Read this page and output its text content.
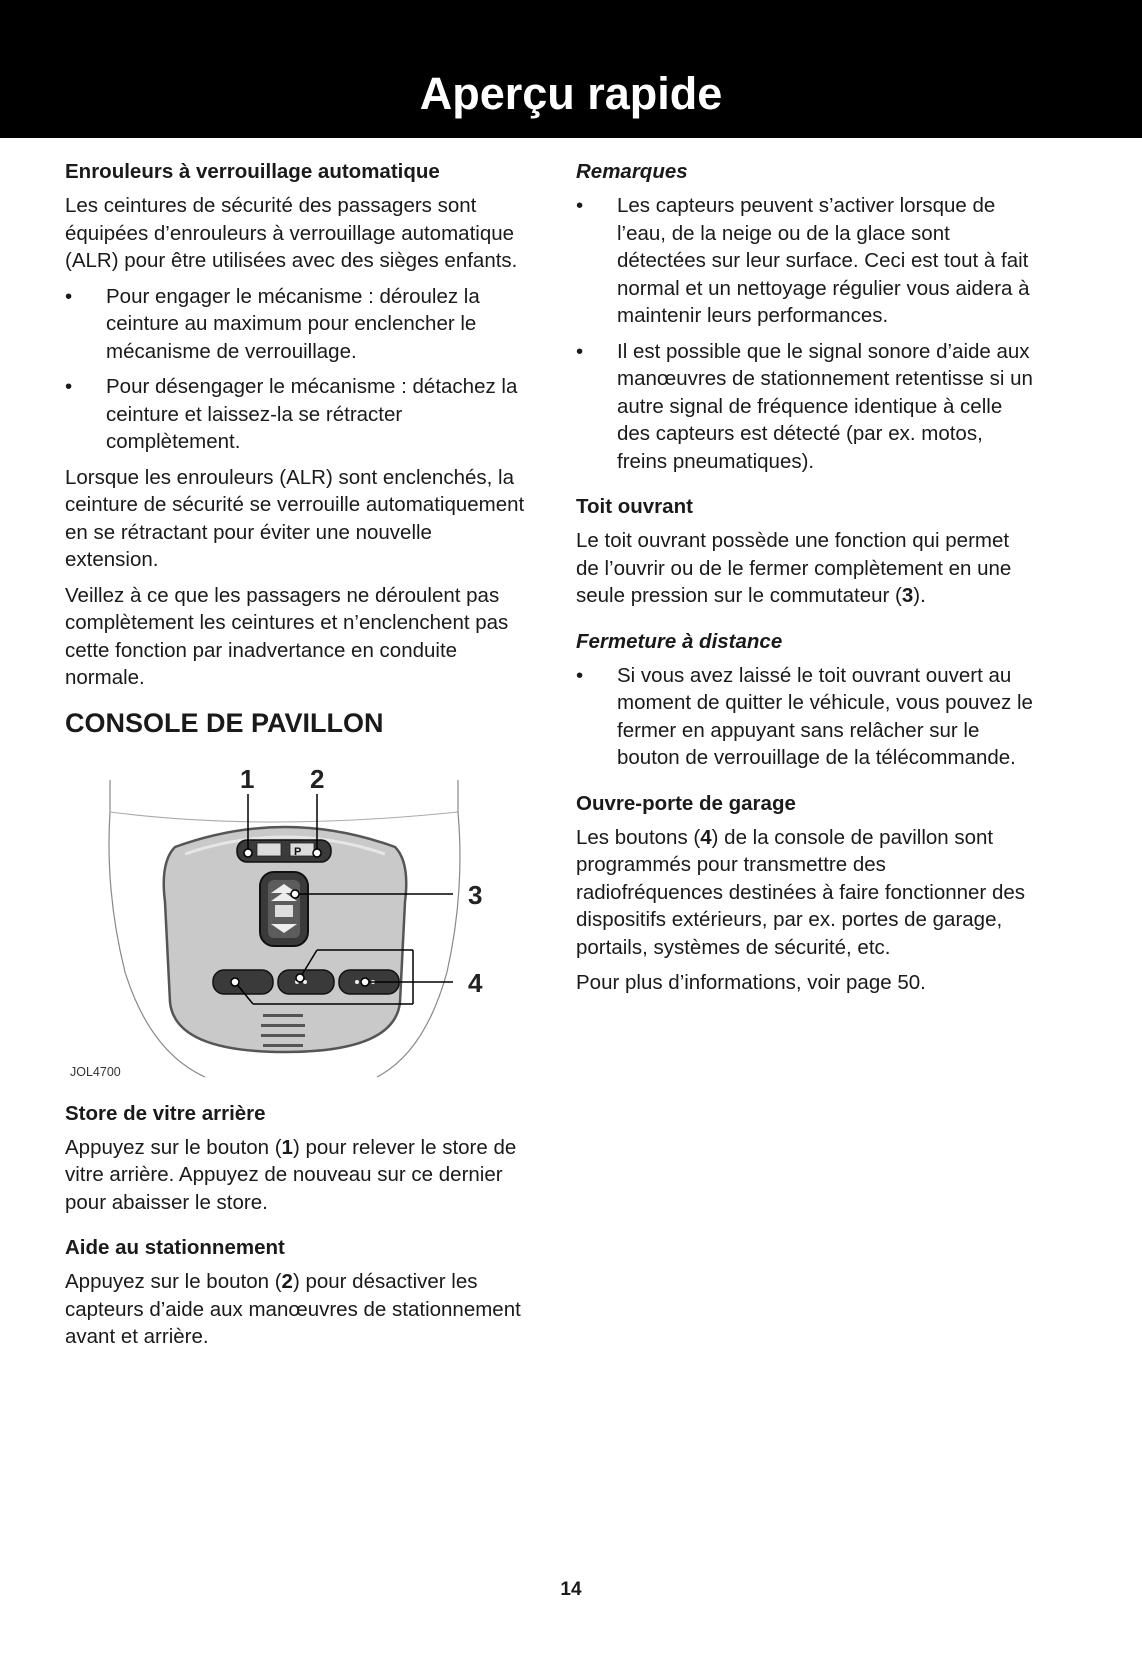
Aperçu rapide
Enrouleurs à verrouillage automatique

Les ceintures de sécurité des passagers sont équipées d’enrouleurs à verrouillage automatique (ALR) pour être utilisées avec des sièges enfants.

• Pour engager le mécanisme : déroulez la ceinture au maximum pour enclencher le mécanisme de verrouillage.
• Pour désengager le mécanisme : détachez la ceinture et laissez-la se rétracter complètement.

Lorsque les enrouleurs (ALR) sont enclenchés, la ceinture de sécurité se verrouille automatiquement en se rétractant pour éviter une nouvelle extension.

Veillez à ce que les passagers ne déroulent pas complètement les ceintures et n’enclenchent pas cette fonction par inadvertance en conduite normale.

CONSOLE DE PAVILLON
P
1 2
3
4
JOL4700
Store de vitre arrière

Appuyez sur le bouton (1) pour relever le store de vitre arrière. Appuyez de nouveau sur ce dernier pour abaisser le store.

Aide au stationnement

Appuyez sur le bouton (2) pour désactiver les capteurs d’aide aux manœuvres de stationnement avant et arrière.

Remarques
• Les capteurs peuvent s’activer lorsque de l’eau, de la neige ou de la glace sont détectées sur leur surface. Ceci est tout à fait normal et un nettoyage régulier vous aidera à maintenir leurs performances.
• Il est possible que le signal sonore d’aide aux manœuvres de stationnement retentisse si un autre signal de fréquence identique à celle des capteurs est détecté (par ex. motos, freins pneumatiques).
Toit ouvrant

Le toit ouvrant possède une fonction qui permet de l’ouvrir ou de le fermer complètement en une seule pression sur le commutateur (3).

Fermeture à distance
• Si vous avez laissé le toit ouvrant ouvert au moment de quitter le véhicule, vous pouvez le fermer en appuyant sans relâcher sur le bouton de verrouillage de la télécommande.
Ouvre-porte de garage

Les boutons (4) de la console de pavillon sont programmés pour transmettre des radiofréquences destinées à faire fonctionner des dispositifs extérieurs, par ex. portes de garage, portails, systèmes de sécurité, etc.

Pour plus d’informations, voir page 50.

14
